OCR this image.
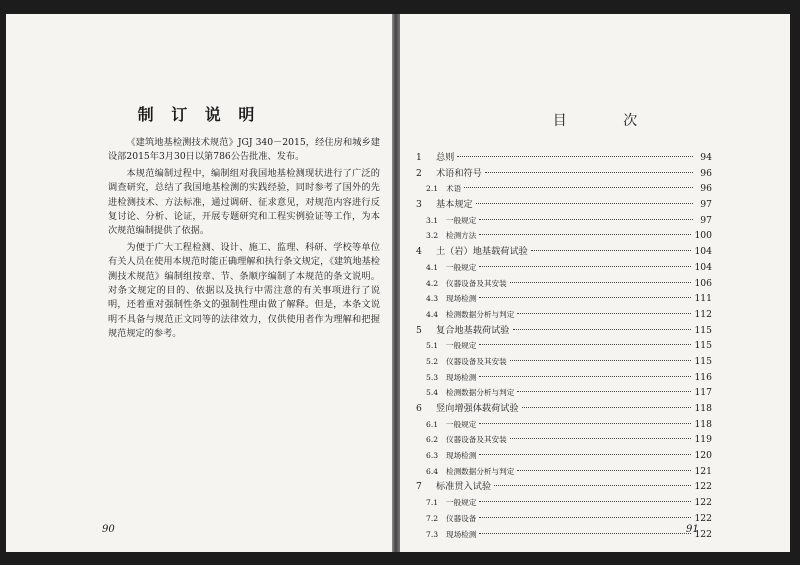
制 订 说 明

《建筑地基检测技术规范》JGJ 340－2015，经住房和城乡建设部2015年3月30日以第786公告批准、发布。

本规范编制过程中，编制组对我国地基检测现状进行了广泛的调查研究，总结了我国地基检测的实践经验，同时参考了国外的先进检测技术、方法标准，通过调研、征求意见，对规范内容进行反复讨论、分析、论证，开展专题研究和工程实例验证等工作，为本次规范编制提供了依据。

为便于广大工程检测、设计、施工、监理、科研、学校等单位有关人员在使用本规范时能正确理解和执行条文规定，《建筑地基检测技术规范》编制组按章、节、条顺序编制了本规范的条文说明。对条文规定的目的、依据以及执行中需注意的有关事项进行了说明，还着重对强制性条文的强制性理由做了解释。但是，本条文说明不具备与规范正文同等的法律效力，仅供使用者作为理解和把握规范规定的参考。

90
目 次
1	总则	94
2	术语和符号	96
2.1	术语	96
3	基本规定	97
3.1	一般规定	97
3.2	检测方法	100
4	土（岩）地基载荷试验	104
4.1	一般规定	104
4.2	仪器设备及其安装	106
4.3	现场检测	111
4.4	检测数据分析与判定	112
5	复合地基载荷试验	115
5.1	一般规定	115
5.2	仪器设备及其安装	115
5.3	现场检测	116
5.4	检测数据分析与判定	117
6	竖向增强体载荷试验	118
6.1	一般规定	118
6.2	仪器设备及其安装	119
6.3	现场检测	120
6.4	检测数据分析与判定	121
7	标准贯入试验	122
7.1	一般规定	122
7.2	仪器设备	122
7.3	现场检测	122
91
